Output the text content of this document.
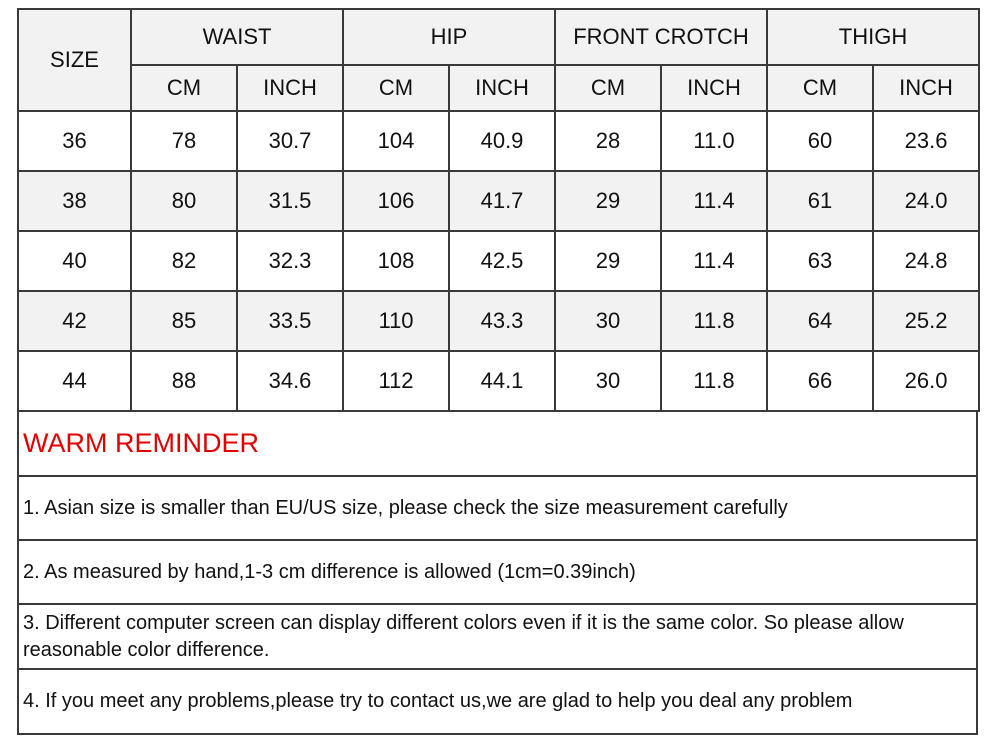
SIZE	WAIST		HIP		FRONT CROTCH		THIGH	
	CM	INCH	CM	INCH	CM	INCH	CM	INCH
36	78	30.7	104	40.9	28	11.0	60	23.6
38	80	31.5	106	41.7	29	11.4	61	24.0
40	82	32.3	108	42.5	29	11.4	63	24.8
42	85	33.5	110	43.3	30	11.8	64	25.2
44	88	34.6	112	44.1	30	11.8	66	26.0
WARM REMINDER
1. Asian size is smaller than EU/US size, please check the size measurement carefully
2. As measured by hand,1-3 cm difference is allowed (1cm=0.39inch)
3. Different computer screen can display different colors even if it is the same color. So please allow reasonable color difference.
4. If you meet any problems,please try to contact us,we are glad to help you deal any problem
